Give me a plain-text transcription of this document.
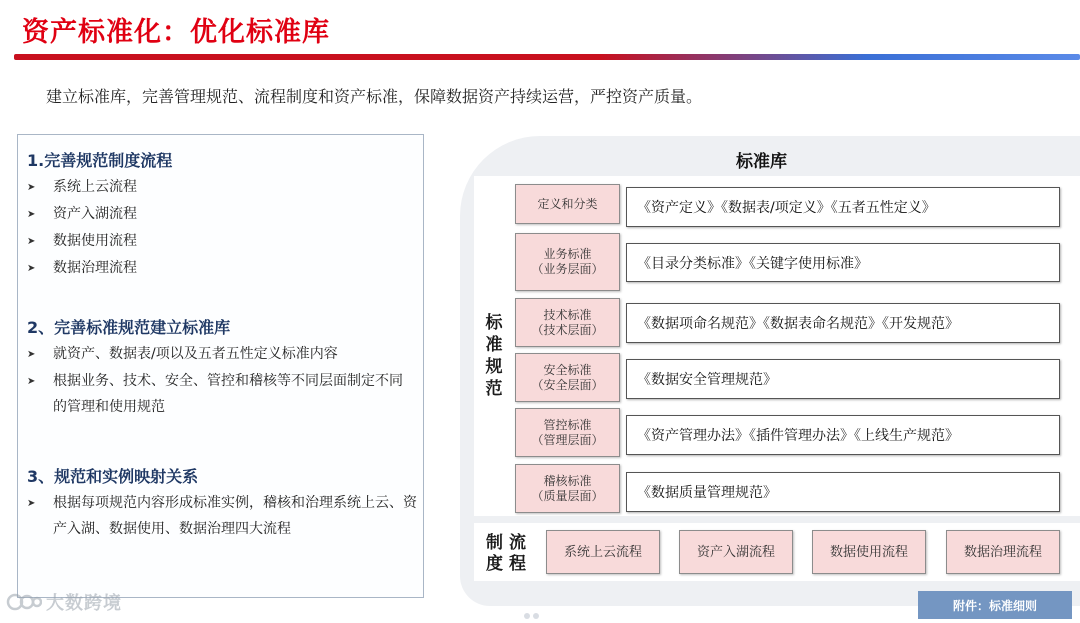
资产标准化：优化标准库
建立标准库，完善管理规范、流程制度和资产标准，保障数据资产持续运营，严控资产质量。
1.完善规范制度流程
➤ 系统上云流程
➤ 资产入湖流程
➤ 数据使用流程
➤ 数据治理流程
2、完善标准规范建立标准库
➤ 就资产、数据表/项以及五者五性定义标准内容
➤ 根据业务、技术、安全、管控和稽核等不同层面制定不同的管理和使用规范
3、规范和实例映射关系
➤ 根据每项规范内容形成标准实例，稽核和治理系统上云、资产入湖、数据使用、数据治理四大流程
标准库
标准规范
定义和分类	《资产定义》《数据表/项定义》《五者五性定义》
业务标准
（业务层面）	《目录分类标准》《关键字使用标准》
技术标准
（技术层面）	《数据项命名规范》《数据表命名规范》《开发规范》
安全标准
（安全层面）	《数据安全管理规范》
管控标准
（管理层面）	《资产管理办法》《插件管理办法》《上线生产规范》
稽核标准
（质量层面）	《数据质量管理规范》
制 流
度 程
系统上云流程	资产入湖流程	数据使用流程	数据治理流程
附件：标准细则
大数跨境
